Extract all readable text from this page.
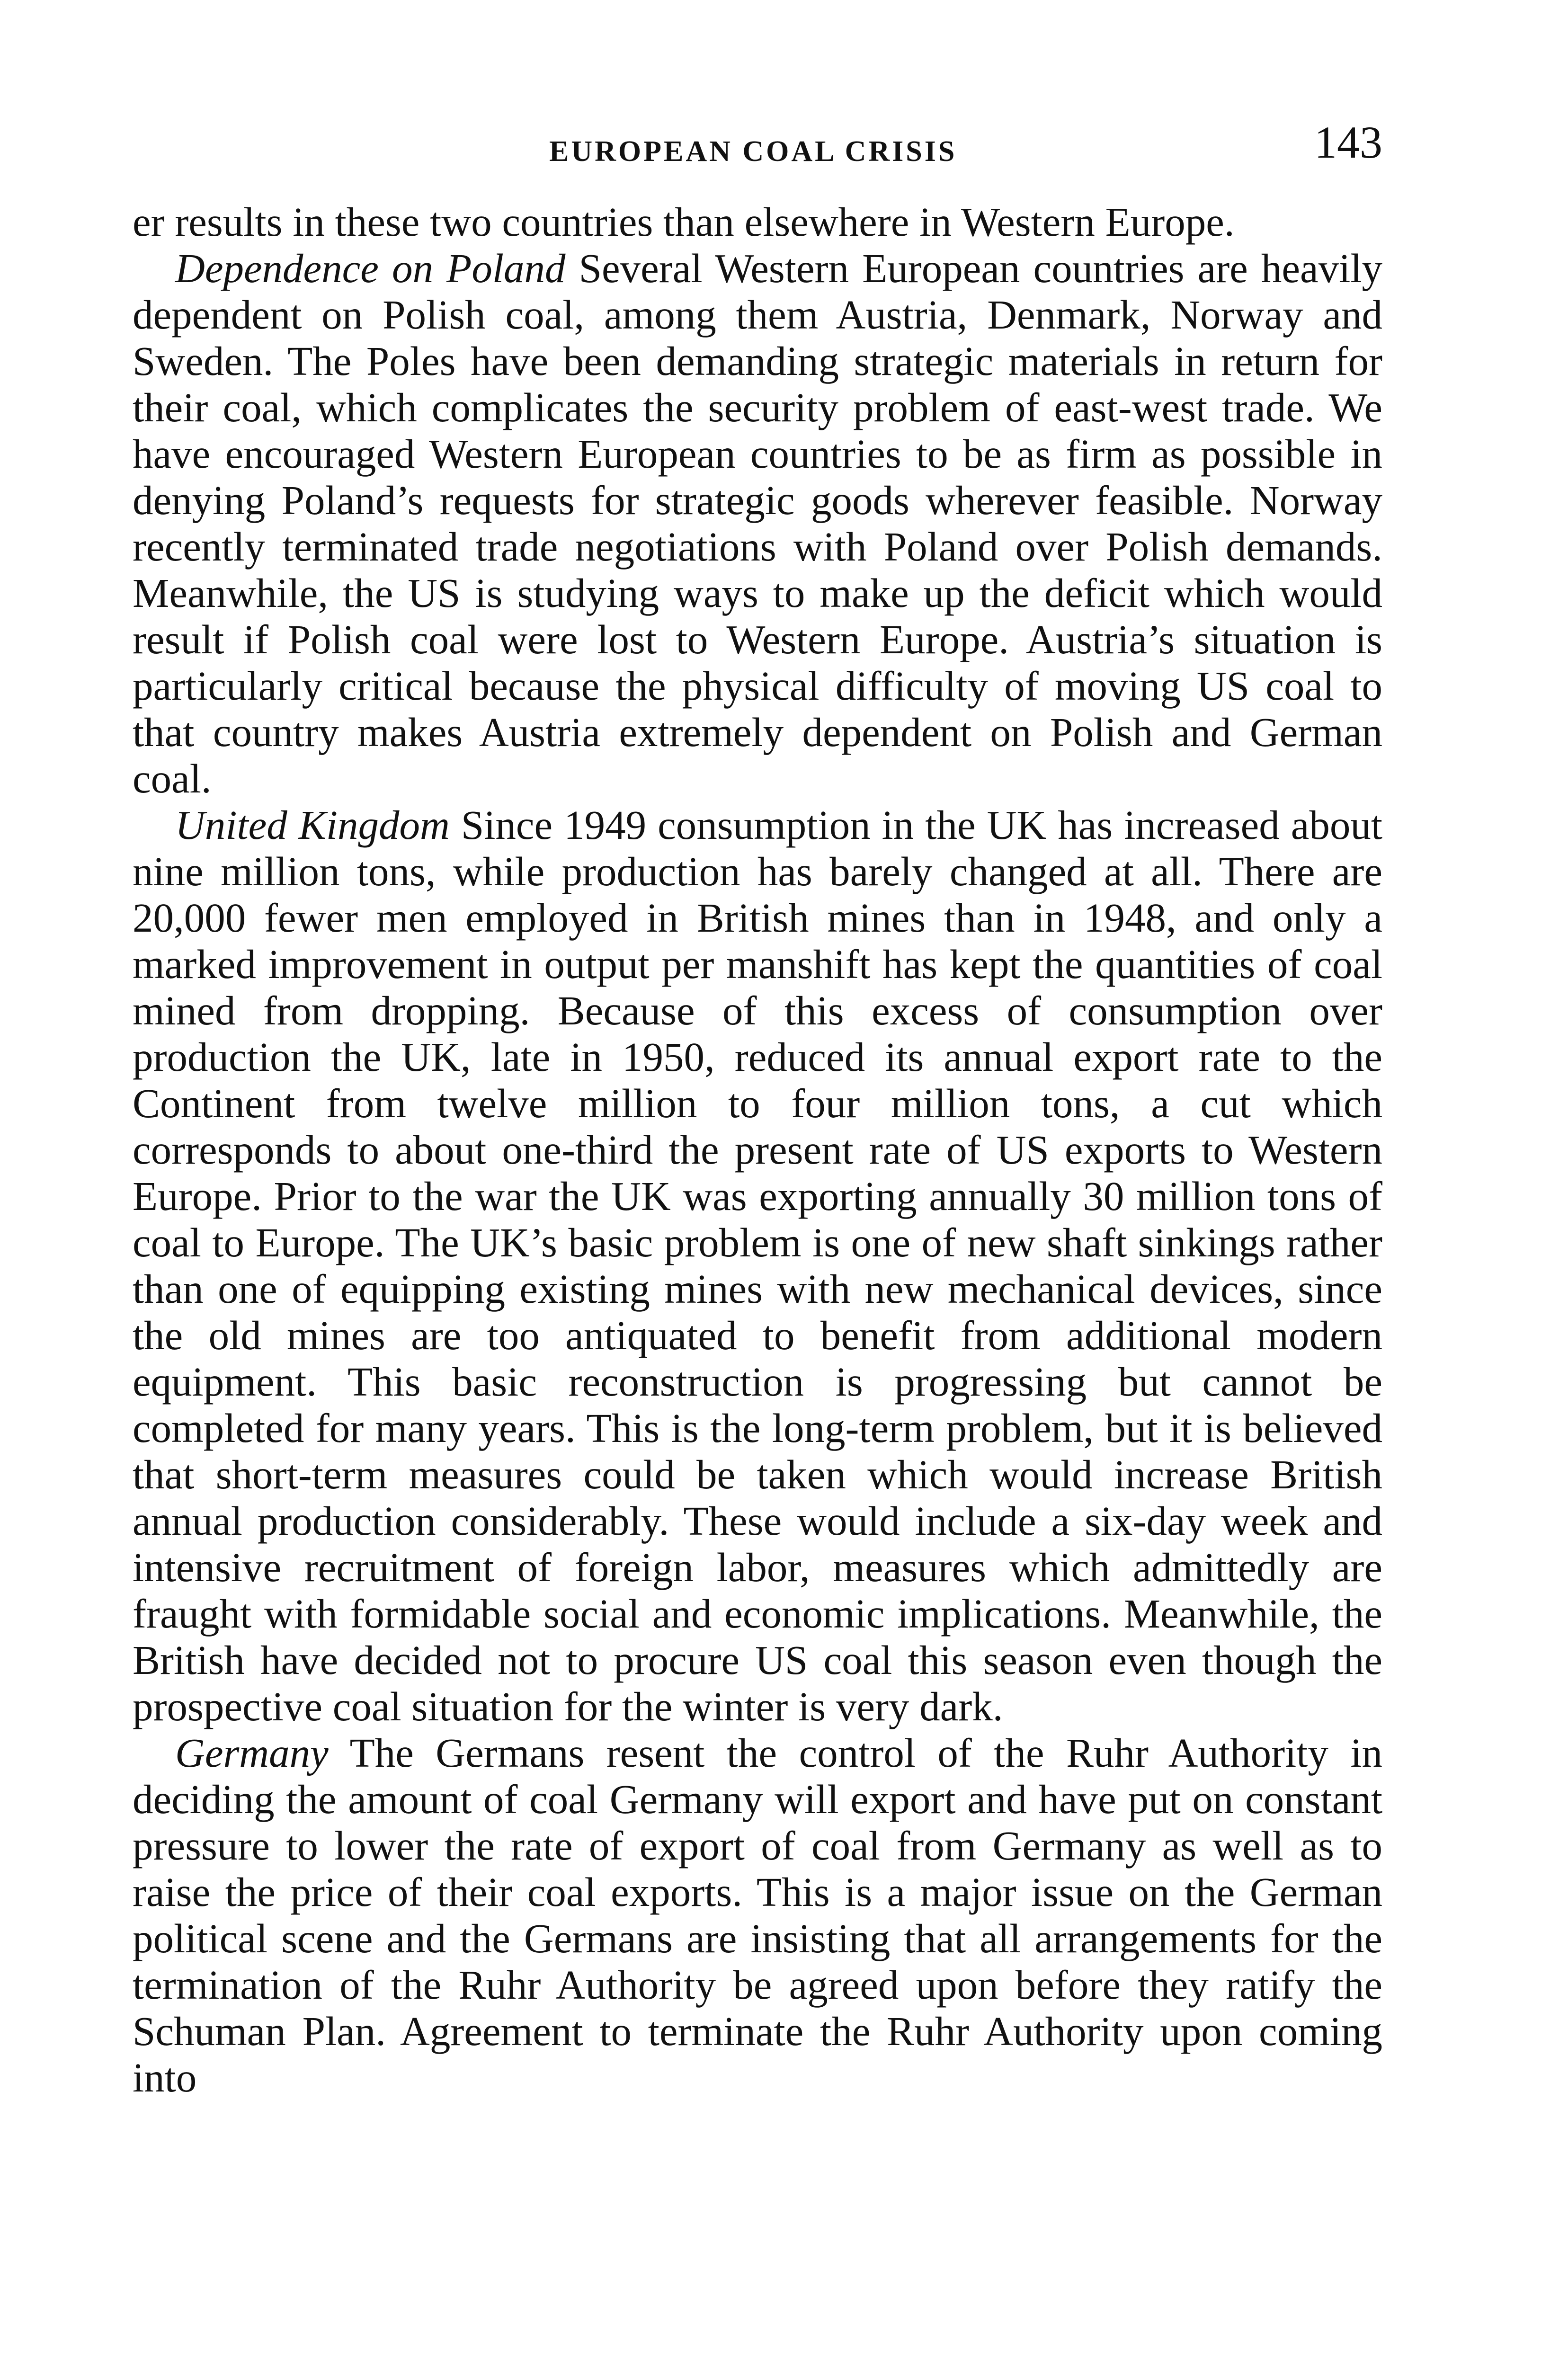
EUROPEAN COAL CRISIS	143

er results in these two countries than elsewhere in Western Europe.

Dependence on Poland Several Western European countries are heavily dependent on Polish coal, among them Austria, Denmark, Norway and Sweden. The Poles have been demanding strategic materials in return for their coal, which complicates the security problem of east-west trade. We have encouraged Western European countries to be as firm as possible in denying Poland’s requests for strategic goods wherever feasible. Norway recently terminated trade negotiations with Poland over Polish demands. Meanwhile, the US is studying ways to make up the deficit which would result if Polish coal were lost to Western Europe. Austria’s situation is particularly critical because the physical difficulty of moving US coal to that country makes Austria extremely dependent on Polish and German coal.

United Kingdom Since 1949 consumption in the UK has increased about nine million tons, while production has barely changed at all. There are 20,000 fewer men employed in British mines than in 1948, and only a marked improvement in output per manshift has kept the quantities of coal mined from dropping. Because of this excess of consumption over production the UK, late in 1950, reduced its annual export rate to the Continent from twelve million to four million tons, a cut which corresponds to about one-third the present rate of US exports to Western Europe. Prior to the war the UK was exporting annually 30 million tons of coal to Europe. The UK’s basic problem is one of new shaft sinkings rather than one of equipping existing mines with new mechanical devices, since the old mines are too antiquated to benefit from additional modern equipment. This basic reconstruction is progressing but cannot be completed for many years. This is the long-term problem, but it is believed that short-term measures could be taken which would increase British annual production considerably. These would include a six-day week and intensive recruitment of foreign labor, measures which admittedly are fraught with formidable social and economic implications. Meanwhile, the British have decided not to procure US coal this season even though the prospective coal situation for the winter is very dark.

Germany The Germans resent the control of the Ruhr Authority in deciding the amount of coal Germany will export and have put on constant pressure to lower the rate of export of coal from Germany as well as to raise the price of their coal exports. This is a major issue on the German political scene and the Germans are insisting that all arrangements for the termination of the Ruhr Authority be agreed upon before they ratify the Schuman Plan. Agreement to terminate the Ruhr Authority upon coming into
